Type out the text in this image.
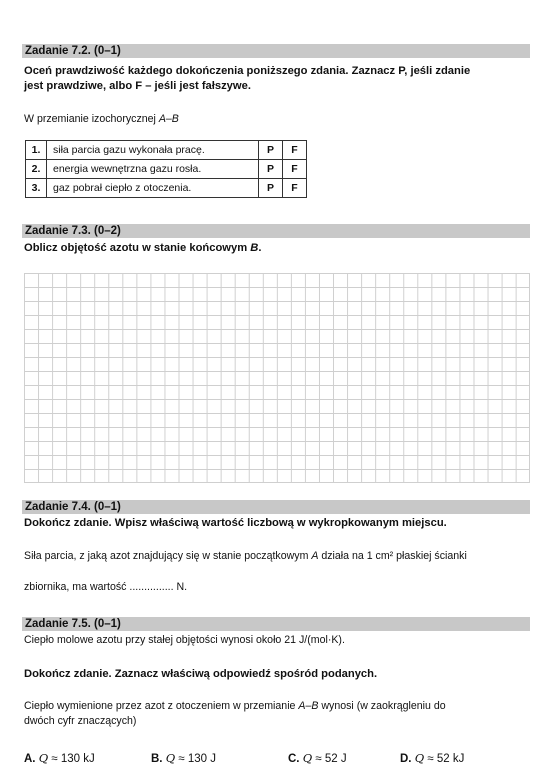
Zadanie 7.2. (0–1)
Oceń prawdziwość każdego dokończenia poniższego zdania. Zaznacz P, jeśli zdanie
jest prawdziwe, albo F – jeśli jest fałszywe.
W przemianie izochorycznej A–B
1.	siła parcia gazu wykonała pracę.	P	F
2.	energia wewnętrzna gazu rosła.	P	F
3.	gaz pobrał ciepło z otoczenia.	P	F
Zadanie 7.3. (0–2)
Oblicz objętość azotu w stanie końcowym B.
Zadanie 7.4. (0–1)
Dokończ zdanie. Wpisz właściwą wartość liczbową w wykropkowanym miejscu.
Siła parcia, z jaką azot znajdujący się w stanie początkowym A działa na 1 cm² płaskiej ścianki
zbiornika, ma wartość ............... N.
Zadanie 7.5. (0–1)
Ciepło molowe azotu przy stałej objętości wynosi około 21 J/(mol·K).
Dokończ zdanie. Zaznacz właściwą odpowiedź spośród podanych.
Ciepło wymienione przez azot z otoczeniem w przemianie A–B wynosi (w zaokrągleniu do
dwóch cyfr znaczących)
A. Q ≈ 130 kJ	B. Q ≈ 130 J	C. Q ≈ 52 J	D. Q ≈ 52 kJ
